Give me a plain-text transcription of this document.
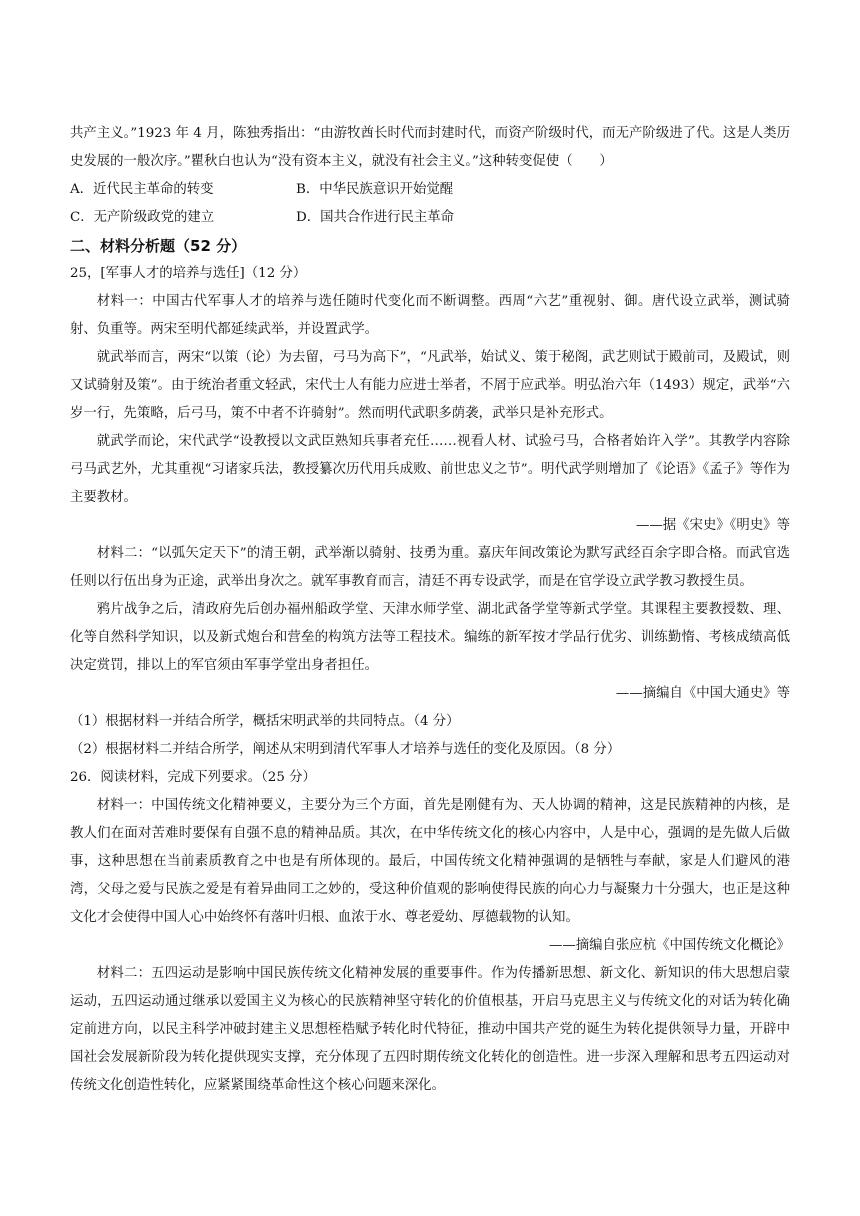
共产主义。”1923 年 4 月，陈独秀指出：“由游牧酋长时代而封建时代，而资产阶级时代，而无产阶级进了代。这是人类历史发展的一般次序。”瞿秋白也认为“没有资本主义，就没有社会主义。”这种转变促使（　　）

A．近代民主革命的转变	B．中华民族意识开始觉醒
C．无产阶级政党的建立	D．国共合作进行民主革命
二、材料分析题（52 分）
25，[军事人才的培养与选任]（12 分）

材料一：中国古代军事人才的培养与选任随时代变化而不断调整。西周“六艺”重视射、御。唐代设立武举，测试骑射、负重等。两宋至明代都延续武举，并设置武学。

就武举而言，两宋“以策（论）为去留，弓马为高下”，“凡武举，始试义、策于秘阁，武艺则试于殿前司，及殿试，则又试骑射及策”。由于统治者重文轻武，宋代士人有能力应进士举者，不屑于应武举。明弘治六年（1493）规定，武举“六岁一行，先策略，后弓马，策不中者不许骑射”。然而明代武职多荫袭，武举只是补充形式。

就武学而论，宋代武学“设教授以文武臣熟知兵事者充任……视看人材、试验弓马，合格者始许入学”。其教学内容除弓马武艺外，尤其重视“习诸家兵法，教授纂次历代用兵成败、前世忠义之节”。明代武学则增加了《论语》《孟子》等作为主要教材。

——据《宋史》《明史》等

材料二：“以弧矢定天下”的清王朝，武举渐以骑射、技勇为重。嘉庆年间改策论为默写武经百余字即合格。而武官选任则以行伍出身为正途，武举出身次之。就军事教育而言，清廷不再专设武学，而是在官学设立武学教习教授生员。

鸦片战争之后，清政府先后创办福州船政学堂、天津水师学堂、湖北武备学堂等新式学堂。其课程主要教授数、理、化等自然科学知识，以及新式炮台和营垒的构筑方法等工程技术。编练的新军按才学品行优劣、训练勤惰、考核成绩高低决定赏罚，排以上的军官须由军事学堂出身者担任。

——摘编自《中国大通史》等

（1）根据材料一并结合所学，概括宋明武举的共同特点。（4 分）

（2）根据材料二并结合所学，阐述从宋明到清代军事人才培养与选任的变化及原因。（8 分）

26．阅读材料，完成下列要求。（25 分）

材料一：中国传统文化精神要义，主要分为三个方面，首先是刚健有为、天人协调的精神，这是民族精神的内核，是教人们在面对苦难时要保有自强不息的精神品质。其次，在中华传统文化的核心内容中，人是中心，强调的是先做人后做事，这种思想在当前素质教育之中也是有所体现的。最后，中国传统文化精神强调的是牺牲与奉献，家是人们避风的港湾，父母之爱与民族之爱是有着异曲同工之妙的，受这种价值观的影响使得民族的向心力与凝聚力十分强大，也正是这种文化才会使得中国人心中始终怀有落叶归根、血浓于水、尊老爱幼、厚德载物的认知。

——摘编自张应杭《中国传统文化概论》

材料二：五四运动是影响中国民族传统文化精神发展的重要事件。作为传播新思想、新文化、新知识的伟大思想启蒙运动，五四运动通过继承以爱国主义为核心的民族精神坚守转化的价值根基，开启马克思主义与传统文化的对话为转化确定前进方向，以民主科学冲破封建主义思想桎梏赋予转化时代特征，推动中国共产党的诞生为转化提供领导力量，开辟中国社会发展新阶段为转化提供现实支撑，充分体现了五四时期传统文化转化的创造性。进一步深入理解和思考五四运动对传统文化创造性转化，应紧紧围绕革命性这个核心问题来深化。
